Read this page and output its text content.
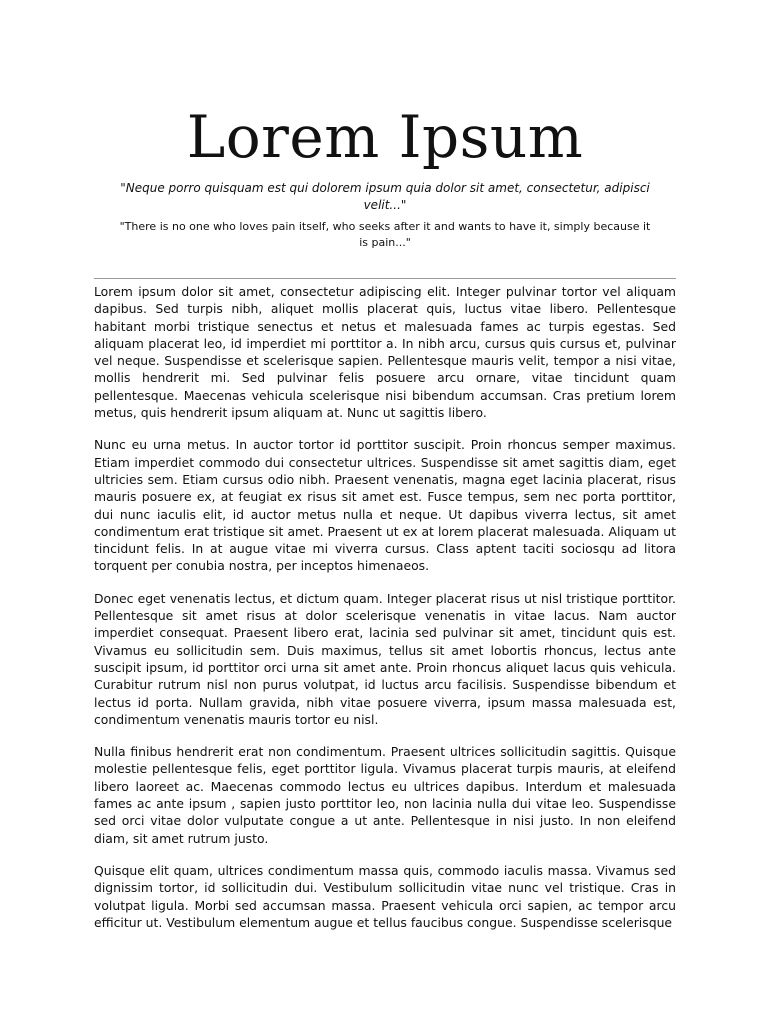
Lorem Ipsum

"Neque porro quisquam est qui dolorem ipsum quia dolor sit amet, consectetur, adipisci velit..."

"There is no one who loves pain itself, who seeks after it and wants to have it, simply because it is pain..."

Lorem ipsum dolor sit amet, consectetur adipiscing elit. Integer pulvinar tortor vel aliquam dapibus. Sed turpis nibh, aliquet mollis placerat quis, luctus vitae libero. Pellentesque habitant morbi tristique senectus et netus et malesuada fames ac turpis egestas. Sed aliquam placerat leo, id imperdiet mi porttitor a. In nibh arcu, cursus quis cursus et, pulvinar vel neque. Suspendisse et scelerisque sapien. Pellentesque mauris velit, tempor a nisi vitae, mollis hendrerit mi. Sed pulvinar felis posuere arcu ornare, vitae tincidunt quam pellentesque. Maecenas vehicula scelerisque nisi bibendum accumsan. Cras pretium lorem metus, quis hendrerit ipsum aliquam at. Nunc ut sagittis libero.

Nunc eu urna metus. In auctor tortor id porttitor suscipit. Proin rhoncus semper maximus. Etiam imperdiet commodo dui consectetur ultrices. Suspendisse sit amet sagittis diam, eget ultricies sem. Etiam cursus odio nibh. Praesent venenatis, magna eget lacinia placerat, risus mauris posuere ex, at feugiat ex risus sit amet est. Fusce tempus, sem nec porta porttitor, dui nunc iaculis elit, id auctor metus nulla et neque. Ut dapibus viverra lectus, sit amet condimentum erat tristique sit amet. Praesent ut ex at lorem placerat malesuada. Aliquam ut tincidunt felis. In at augue vitae mi viverra cursus. Class aptent taciti sociosqu ad litora torquent per conubia nostra, per inceptos himenaeos.

Donec eget venenatis lectus, et dictum quam. Integer placerat risus ut nisl tristique porttitor. Pellentesque sit amet risus at dolor scelerisque venenatis in vitae lacus. Nam auctor imperdiet consequat. Praesent libero erat, lacinia sed pulvinar sit amet, tincidunt quis est. Vivamus eu sollicitudin sem. Duis maximus, tellus sit amet lobortis rhoncus, lectus ante suscipit ipsum, id porttitor orci urna sit amet ante. Proin rhoncus aliquet lacus quis vehicula. Curabitur rutrum nisl non purus volutpat, id luctus arcu facilisis. Suspendisse bibendum et lectus id porta. Nullam gravida, nibh vitae posuere viverra, ipsum massa malesuada est, condimentum venenatis mauris tortor eu nisl.

Nulla finibus hendrerit erat non condimentum. Praesent ultrices sollicitudin sagittis. Quisque molestie pellentesque felis, eget porttitor ligula. Vivamus placerat turpis mauris, at eleifend libero laoreet ac. Maecenas commodo lectus eu ultrices dapibus. Interdum et malesuada fames ac ante ipsum , sapien justo porttitor leo, non lacinia nulla dui vitae leo. Suspendisse sed orci vitae dolor vulputate congue a ut ante. Pellentesque in nisi justo. In non eleifend diam, sit amet rutrum justo.

Quisque elit quam, ultrices condimentum massa quis, commodo iaculis massa. Vivamus sed dignissim tortor, id sollicitudin dui. Vestibulum sollicitudin vitae nunc vel tristique. Cras in volutpat ligula. Morbi sed accumsan massa. Praesent vehicula orci sapien, ac tempor arcu efficitur ut. Vestibulum elementum augue et tellus faucibus congue. Suspendisse scelerisque
